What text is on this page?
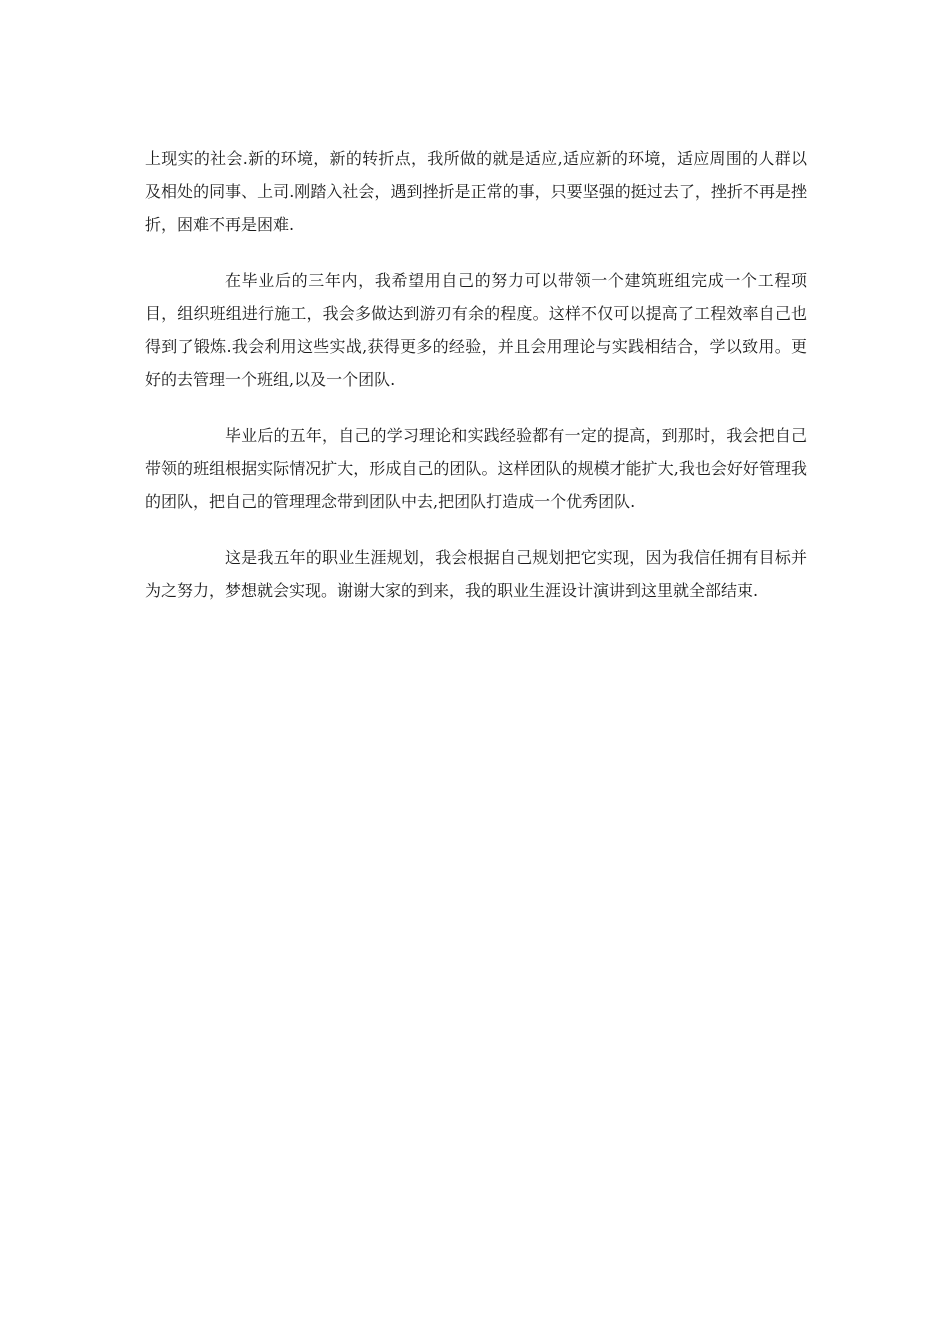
上现实的社会.新的环境，新的转折点，我所做的就是适应,适应新的环境，适应周围的人群以及相处的同事、上司.刚踏入社会，遇到挫折是正常的事，只要坚强的挺过去了，挫折不再是挫折，困难不再是困难.

在毕业后的三年内，我希望用自己的努力可以带领一个建筑班组完成一个工程项目，组织班组进行施工，我会多做达到游刃有余的程度。这样不仅可以提高了工程效率自己也得到了锻炼.我会利用这些实战,获得更多的经验，并且会用理论与实践相结合，学以致用。更好的去管理一个班组,以及一个团队.

毕业后的五年，自己的学习理论和实践经验都有一定的提高，到那时，我会把自己带领的班组根据实际情况扩大，形成自己的团队。这样团队的规模才能扩大,我也会好好管理我的团队，把自己的管理理念带到团队中去,把团队打造成一个优秀团队.

这是我五年的职业生涯规划，我会根据自己规划把它实现，因为我信任拥有目标并为之努力，梦想就会实现。谢谢大家的到来，我的职业生涯设计演讲到这里就全部结束.
